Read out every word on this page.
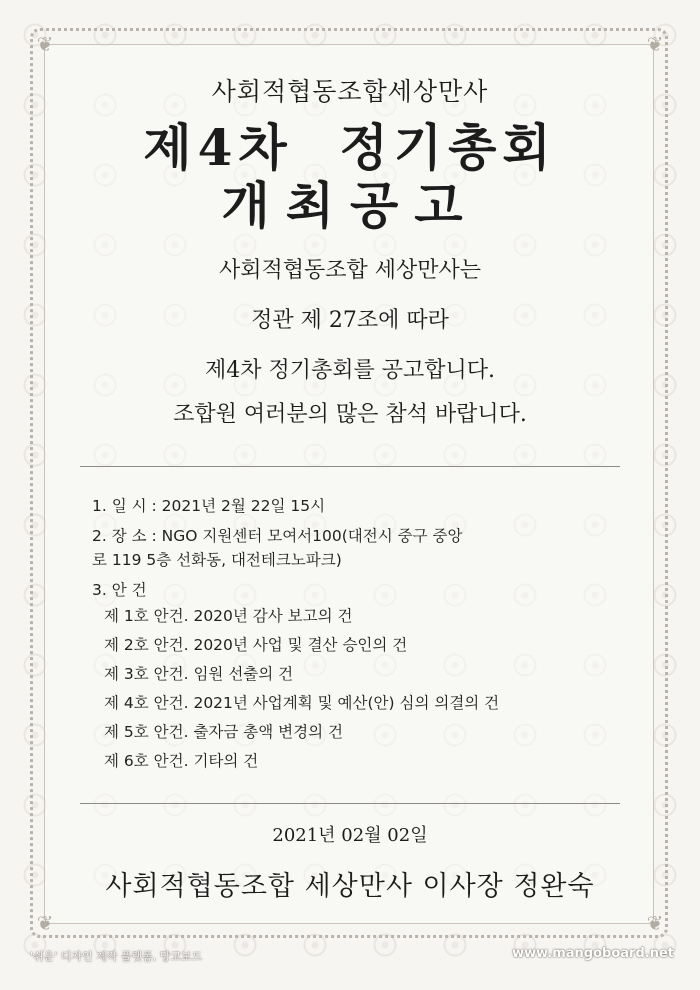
❦	❦
❦	❦
사회적협동조합세상만사
제4차  정기총회
개최공고
사회적협동조합 세상만사는
정관 제 27조에 따라
제4차 정기총회를 공고합니다.
조합원 여러분의 많은 참석 바랍니다.
1. 일 시 : 2021년 2월 22일 15시
2. 장 소 : NGO 지원센터 모여서100(대전시 중구 중앙
로 119 5층 선화동, 대전테크노파크)
3. 안 건
제 1호 안건. 2020년 감사 보고의 건
제 2호 안건. 2020년 사업 및 결산 승인의 건
제 3호 안건. 임원 선출의 건
제 4호 안건. 2021년 사업계획 및 예산(안) 심의 의결의 건
제 5호 안건. 출자금 총액 변경의 건
제 6호 안건. 기타의 건
2021년 02월 02일
사회적협동조합 세상만사 이사장 정완숙
'쉬운' 디자인 제작 플랫폼, 망고보드	www.mangoboard.net
